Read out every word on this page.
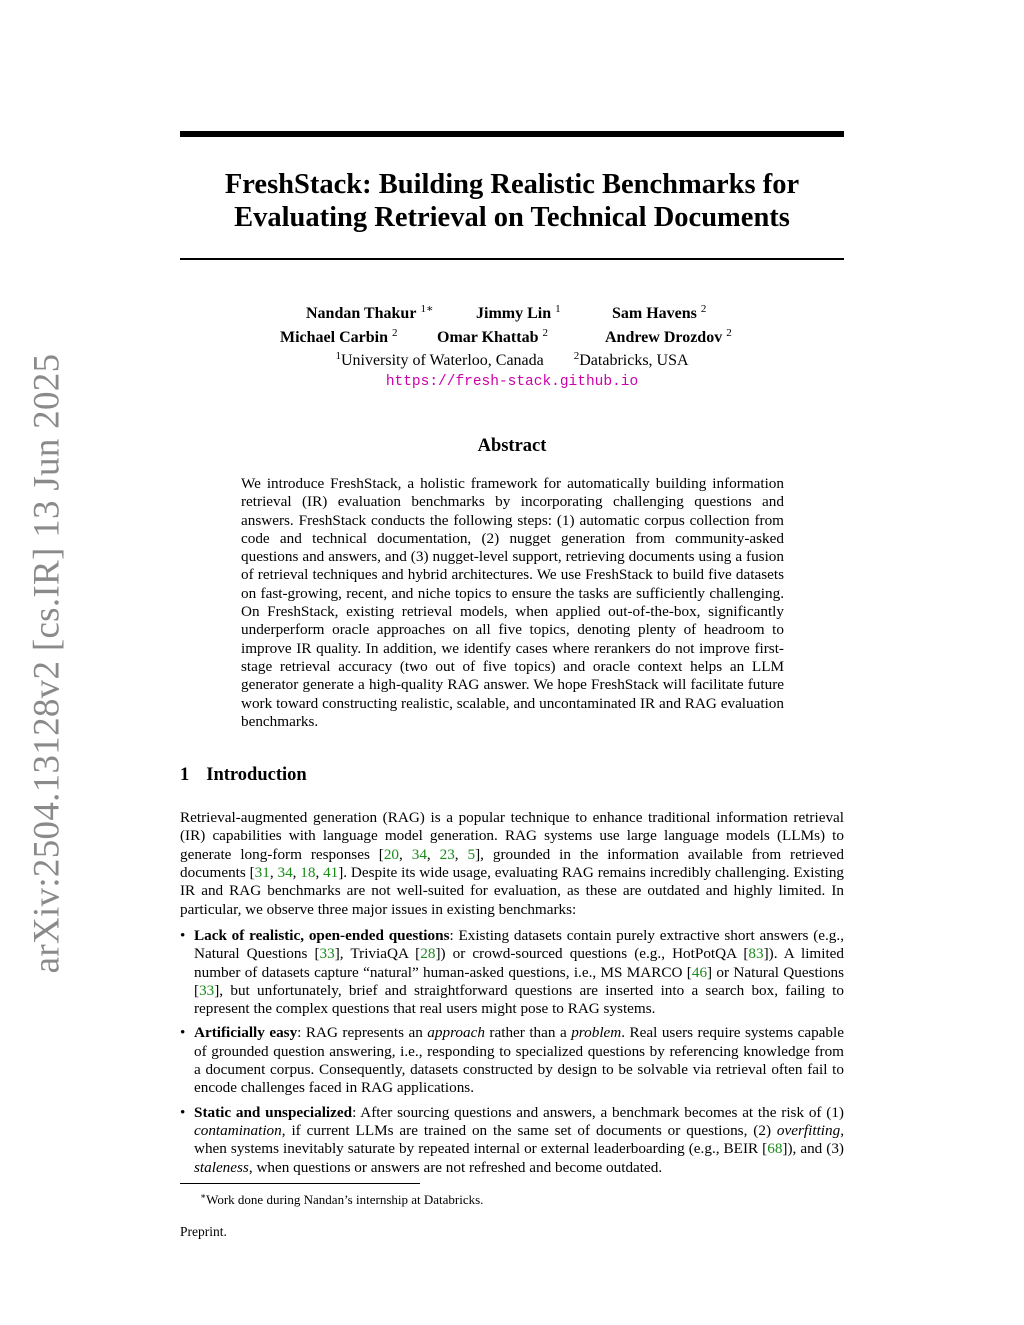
arXiv:2504.13128v2 [cs.IR] 13 Jun 2025
FreshStack: Building Realistic Benchmarks for
Evaluating Retrieval on Technical Documents
Nandan Thakur $^{1∗}$	Jimmy Lin $^1$	Sam Havens $^2$
Michael Carbin $^2$	Omar Khattab $^2$	Andrew Drozdov $^2$
$^1$University of Waterloo, Canada	$^2$Databricks, USA
https://fresh-stack.github.io
Abstract
We introduce FreshStack, a holistic framework for automatically building information retrieval (IR) evaluation benchmarks by incorporating challenging questions and answers. FreshStack conducts the following steps: (1) automatic corpus collection from code and technical documentation, (2) nugget generation from community-asked questions and answers, and (3) nugget-level support, retrieving documents using a fusion of retrieval techniques and hybrid architectures. We use FreshStack to build five datasets on fast-growing, recent, and niche topics to ensure the tasks are sufficiently challenging. On FreshStack, existing retrieval models, when applied out-of-the-box, significantly underperform oracle approaches on all five topics, denoting plenty of headroom to improve IR quality. In addition, we identify cases where rerankers do not improve first-stage retrieval accuracy (two out of five topics) and oracle context helps an LLM generator generate a high-quality RAG answer. We hope FreshStack will facilitate future work toward constructing realistic, scalable, and uncontaminated IR and RAG evaluation benchmarks.
1 Introduction
Retrieval-augmented generation (RAG) is a popular technique to enhance traditional information retrieval (IR) capabilities with language model generation. RAG systems use large language models (LLMs) to generate long-form responses [20, 34, 23, 5], grounded in the information available from retrieved documents [31, 34, 18, 41]. Despite its wide usage, evaluating RAG remains incredibly challenging. Existing IR and RAG benchmarks are not well-suited for evaluation, as these are outdated and highly limited. In particular, we observe three major issues in existing benchmarks:
• Lack of realistic, open-ended questions: Existing datasets contain purely extractive short answers (e.g., Natural Questions [33], TriviaQA [28]) or crowd-sourced questions (e.g., HotPotQA [83]). A limited number of datasets capture “natural” human-asked questions, i.e., MS MARCO [46] or Natural Questions [33], but unfortunately, brief and straightforward questions are inserted into a search box, failing to represent the complex questions that real users might pose to RAG systems.
• Artificially easy: RAG represents an approach rather than a problem. Real users require systems capable of grounded question answering, i.e., responding to specialized questions by referencing knowledge from a document corpus. Consequently, datasets constructed by design to be solvable via retrieval often fail to encode challenges faced in RAG applications.
• Static and unspecialized: After sourcing questions and answers, a benchmark becomes at the risk of (1) contamination, if current LLMs are trained on the same set of documents or questions, (2) overfitting, when systems inevitably saturate by repeated internal or external leaderboarding (e.g., BEIR [68]), and (3) staleness, when questions or answers are not refreshed and become outdated.
∗Work done during Nandan’s internship at Databricks.
Preprint.
